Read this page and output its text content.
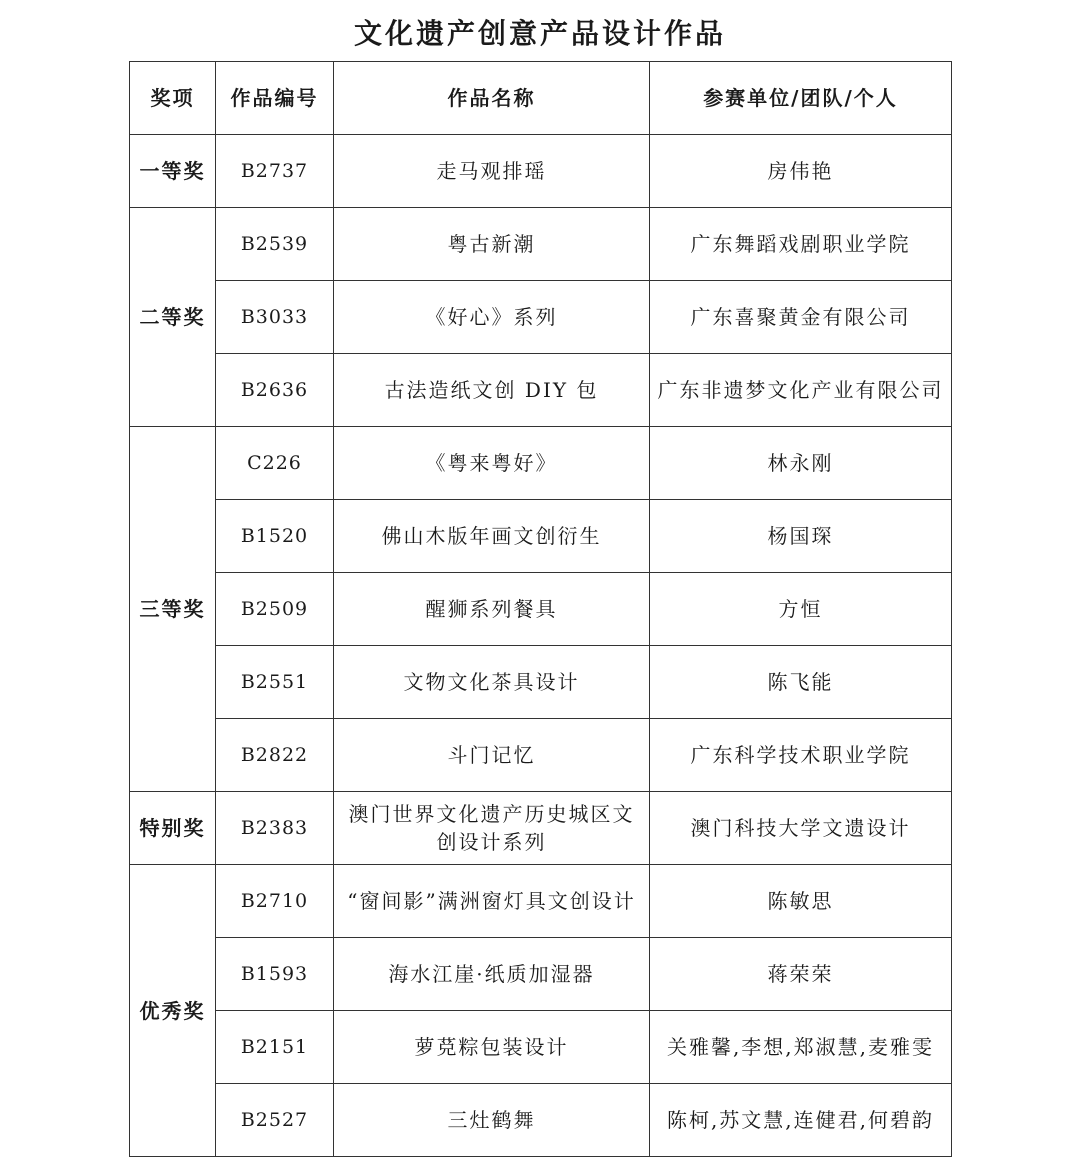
文化遗产创意产品设计作品
奖项	作品编号	作品名称	参赛单位/团队/个人
一等奖	B2737	走马观排瑶	房伟艳
二等奖	B2539	粤古新潮	广东舞蹈戏剧职业学院
	B3033	《好心》系列	广东喜聚黄金有限公司
	B2636	古法造纸文创 DIY 包	广东非遗梦文化产业有限公司
三等奖	C226	《粤来粤好》	林永刚
	B1520	佛山木版年画文创衍生	杨国琛
	B2509	醒狮系列餐具	方恒
	B2551	文物文化茶具设计	陈飞能
	B2822	斗门记忆	广东科学技术职业学院
特别奖	B2383	澳门世界文化遗产历史城区文创设计系列	澳门科技大学文遗设计
优秀奖	B2710	“窗间影”满洲窗灯具文创设计	陈敏思
	B1593	海水江崖·纸质加湿器	蒋荣荣
	B2151	萝莌粽包装设计	关雅馨,李想,郑淑慧,麦雅雯
	B2527	三灶鹤舞	陈柯,苏文慧,连健君,何碧韵
